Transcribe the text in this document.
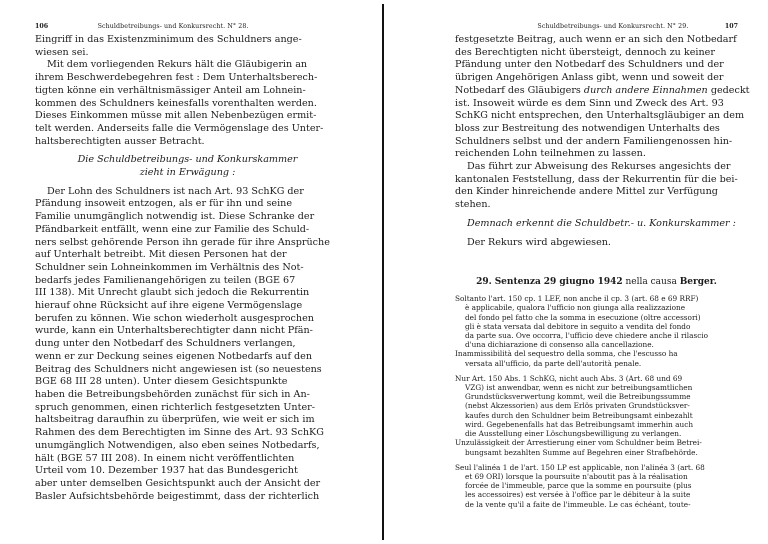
106	Schuldbetreibungs- und Konkursrecht. N° 28.
Eingriff in das Existenzminimum des Schuldners ange-
wiesen sei.
Mit dem vorliegenden Rekurs hält die Gläubigerin an
ihrem Beschwerdebegehren fest : Dem Unterhaltsberech-
tigten könne ein verhältnismässiger Anteil am Lohnein-
kommen des Schuldners keinesfalls vorenthalten werden.
Dieses Einkommen müsse mit allen Nebenbezügen ermit-
telt werden. Anderseits falle die Vermögenslage des Unter-
haltsberechtigten ausser Betracht.
Die Schuldbetreibungs- und Konkurskammer
zieht in Erwägung :
Der Lohn des Schuldners ist nach Art. 93 SchKG der
Pfändung insoweit entzogen, als er für ihn und seine
Familie unumgänglich notwendig ist. Diese Schranke der
Pfändbarkeit entfällt, wenn eine zur Familie des Schuld-
ners selbst gehörende Person ihn gerade für ihre Ansprüche
auf Unterhalt betreibt. Mit diesen Personen hat der
Schuldner sein Lohneinkommen im Verhältnis des Not-
bedarfs jedes Familienangehörigen zu teilen (BGE 67
III 138). Mit Unrecht glaubt sich jedoch die Rekurrentin
hierauf ohne Rücksicht auf ihre eigene Vermögenslage
berufen zu können. Wie schon wiederholt ausgesprochen
wurde, kann ein Unterhaltsberechtigter dann nicht Pfän-
dung unter den Notbedarf des Schuldners verlangen,
wenn er zur Deckung seines eigenen Notbedarfs auf den
Beitrag des Schuldners nicht angewiesen ist (so neuestens
BGE 68 III 28 unten). Unter diesem Gesichtspunkte
haben die Betreibungsbehörden zunächst für sich in An-
spruch genommen, einen richterlich festgesetzten Unter-
haltsbeitrag daraufhin zu überprüfen, wie weit er sich im
Rahmen des dem Berechtigten im Sinne des Art. 93 SchKG
unumgänglich Notwendigen, also eben seines Notbedarfs,
hält (BGE 57 III 208). In einem nicht veröffentlichten
Urteil vom 10. Dezember 1937 hat das Bundesgericht
aber unter demselben Gesichtspunkt auch der Ansicht der
Basler Aufsichtsbehörde beigestimmt, dass der richterlich
Schuldbetreibungs- und Konkursrecht. N° 29.	107
festgesetzte Beitrag, auch wenn er an sich den Notbedarf
des Berechtigten nicht übersteigt, dennoch zu keiner
Pfändung unter den Notbedarf des Schuldners und der
übrigen Angehörigen Anlass gibt, wenn und soweit der
Notbedarf des Gläubigers durch andere Einnahmen gedeckt
ist. Insoweit würde es dem Sinn und Zweck des Art. 93
SchKG nicht entsprechen, den Unterhaltsgläubiger an dem
bloss zur Bestreitung des notwendigen Unterhalts des
Schuldners selbst und der andern Familiengenossen hin-
reichenden Lohn teilnehmen zu lassen.
Das führt zur Abweisung des Rekurses angesichts der
kantonalen Feststellung, dass der Rekurrentin für die bei-
den Kinder hinreichende andere Mittel zur Verfügung
stehen.
Demnach erkennt die Schuldbetr.- u. Konkurskammer :
Der Rekurs wird abgewiesen.
29. Sentenza 29 giugno 1942 nella causa Berger.
Soltanto l'art. 150 cp. 1 LEF, non anche il cp. 3 (art. 68 e 69 RRF)
è applicabile, qualora l'ufficio non giunga alla realizzazione
del fondo pel fatto che la somma in esecuzione (oltre accessori)
gli è stata versata dal debitore in seguito a vendita del fondo
da parte sua. Ove occorra, l'ufficio deve chiedere anche il rilascio
d'una dichiarazione di consenso alla cancellazione.
Inammissibilità del sequestro della somma, che l'escusso ha
versata all'ufficio, da parte dell'autorità penale.
Nur Art. 150 Abs. 1 SchKG, nicht auch Abs. 3 (Art. 68 und 69
VZG) ist anwendbar, wenn es nicht zur betreibungsamtlichen
Grundstücksverwertung kommt, weil die Betreibungssumme
(nebst Akzessorien) aus dem Erlös privaten Grundstücksver-
kaufes durch den Schuldner beim Betreibungsamt einbezahlt
wird. Gegebenenfalls hat das Betreibungsamt immerhin auch
die Ausstellung einer Löschungsbewilligung zu verlangen.
Unzulässigkeit der Arrestierung einer vom Schuldner beim Betrei-
bungsamt bezahlten Summe auf Begehren einer Strafbehörde.
Seul l'alinéa 1 de l'art. 150 LP est applicable, non l'alinéa 3 (art. 68
et 69 ORI) lorsque la poursuite n'aboutit pas à la réalisation
forcée de l'immeuble, parce que la somme en poursuite (plus
les accessoires) est versée à l'office par le débiteur à la suite
de la vente qu'il a faite de l'immeuble. Le cas échéant, toute-
